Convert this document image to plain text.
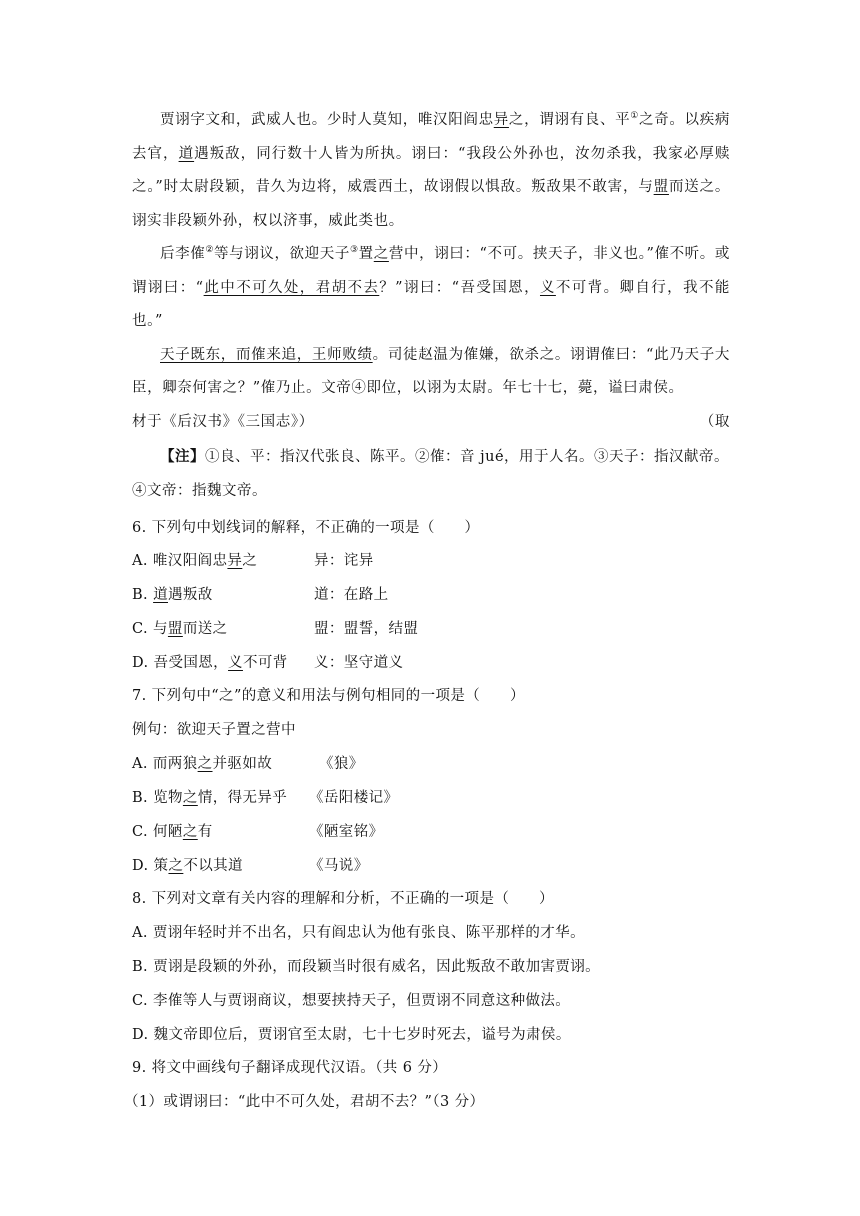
贾诩字文和，武威人也。少时人莫知，唯汉阳阎忠异之，谓诩有良、平①之奇。以疾病去官，道遇叛敌，同行数十人皆为所执。诩曰：“我段公外孙也，汝勿杀我，我家必厚赎之。”时太尉段颖，昔久为边将，威震西土，故诩假以惧敌。叛敌果不敢害，与盟而送之。诩实非段颖外孙，权以济事，威此类也。

后李傕②等与诩议，欲迎天子③置之营中，诩曰：“不可。挟天子，非义也。”傕不听。或谓诩曰：“此中不可久处，君胡不去？”诩曰：“吾受国恩，义不可背。卿自行，我不能也。”

天子既东，而傕来追，王师败绩。司徒赵温为傕嫌，欲杀之。诩谓傕曰：“此乃天子大臣，卿奈何害之？”傕乃止。文帝④即位，以诩为太尉。年七十七，薨，谥曰肃侯。
（取

材于《后汉书》《三国志》）

【注】①良、平：指汉代张良、陈平。②傕：音 jué，用于人名。③天子：指汉献帝。

④文帝：指魏文帝。

6. 下列句中划线词的解释，不正确的一项是（　　）
A. 唯汉阳阎忠异之	异：诧异
B. 道遇叛敌	道：在路上
C. 与盟而送之	盟：盟誓，结盟
D. 吾受国恩，义不可背 义：坚守道义
7. 下列句中“之”的意义和用法与例句相同的一项是（　　）
例句：欲迎天子置之营中
A. 而两狼之并驱如故	《狼》
B. 览物之情，得无异乎 《岳阳楼记》
C. 何陋之有	《陋室铭》
D. 策之不以其道	《马说》
8. 下列对文章有关内容的理解和分析，不正确的一项是（　　）
A. 贾诩年轻时并不出名，只有阎忠认为他有张良、陈平那样的才华。
B. 贾诩是段颖的外孙，而段颖当时很有威名，因此叛敌不敢加害贾诩。
C. 李傕等人与贾诩商议，想要挟持天子，但贾诩不同意这种做法。
D. 魏文帝即位后，贾诩官至太尉，七十七岁时死去，谥号为肃侯。
9. 将文中画线句子翻译成现代汉语。（共 6 分）
（1）或谓诩曰：“此中不可久处，君胡不去？”（3 分）
